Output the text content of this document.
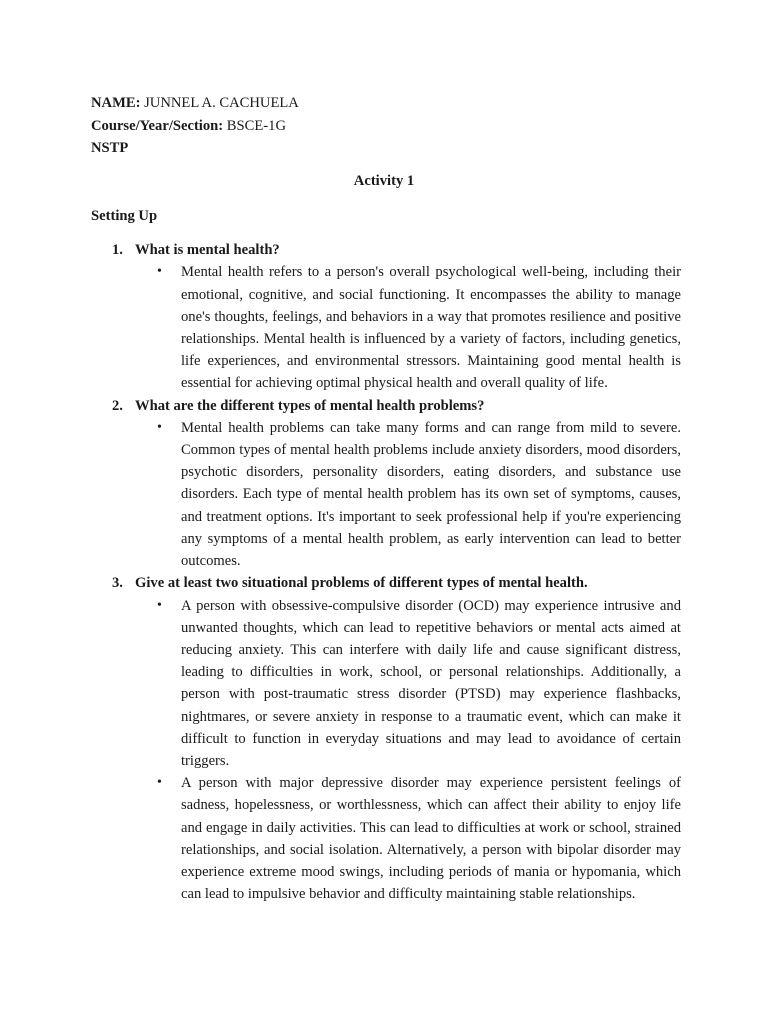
NAME: JUNNEL A. CACHUELA
Course/Year/Section: BSCE-1G
NSTP
Activity 1
Setting Up
1. What is mental health?
• Mental health refers to a person's overall psychological well-being, including their emotional, cognitive, and social functioning. It encompasses the ability to manage one's thoughts, feelings, and behaviors in a way that promotes resilience and positive relationships. Mental health is influenced by a variety of factors, including genetics, life experiences, and environmental stressors. Maintaining good mental health is essential for achieving optimal physical health and overall quality of life.

2. What are the different types of mental health problems?
• Mental health problems can take many forms and can range from mild to severe. Common types of mental health problems include anxiety disorders, mood disorders, psychotic disorders, personality disorders, eating disorders, and substance use disorders. Each type of mental health problem has its own set of symptoms, causes, and treatment options. It's important to seek professional help if you're experiencing any symptoms of a mental health problem, as early intervention can lead to better outcomes.

3. Give at least two situational problems of different types of mental health.
• A person with obsessive-compulsive disorder (OCD) may experience intrusive and unwanted thoughts, which can lead to repetitive behaviors or mental acts aimed at reducing anxiety. This can interfere with daily life and cause significant distress, leading to difficulties in work, school, or personal relationships. Additionally, a person with post-traumatic stress disorder (PTSD) may experience flashbacks, nightmares, or severe anxiety in response to a traumatic event, which can make it difficult to function in everyday situations and may lead to avoidance of certain triggers.

• A person with major depressive disorder may experience persistent feelings of sadness, hopelessness, or worthlessness, which can affect their ability to enjoy life and engage in daily activities. This can lead to difficulties at work or school, strained relationships, and social isolation. Alternatively, a person with bipolar disorder may experience extreme mood swings, including periods of mania or hypomania, which can lead to impulsive behavior and difficulty maintaining stable relationships.
